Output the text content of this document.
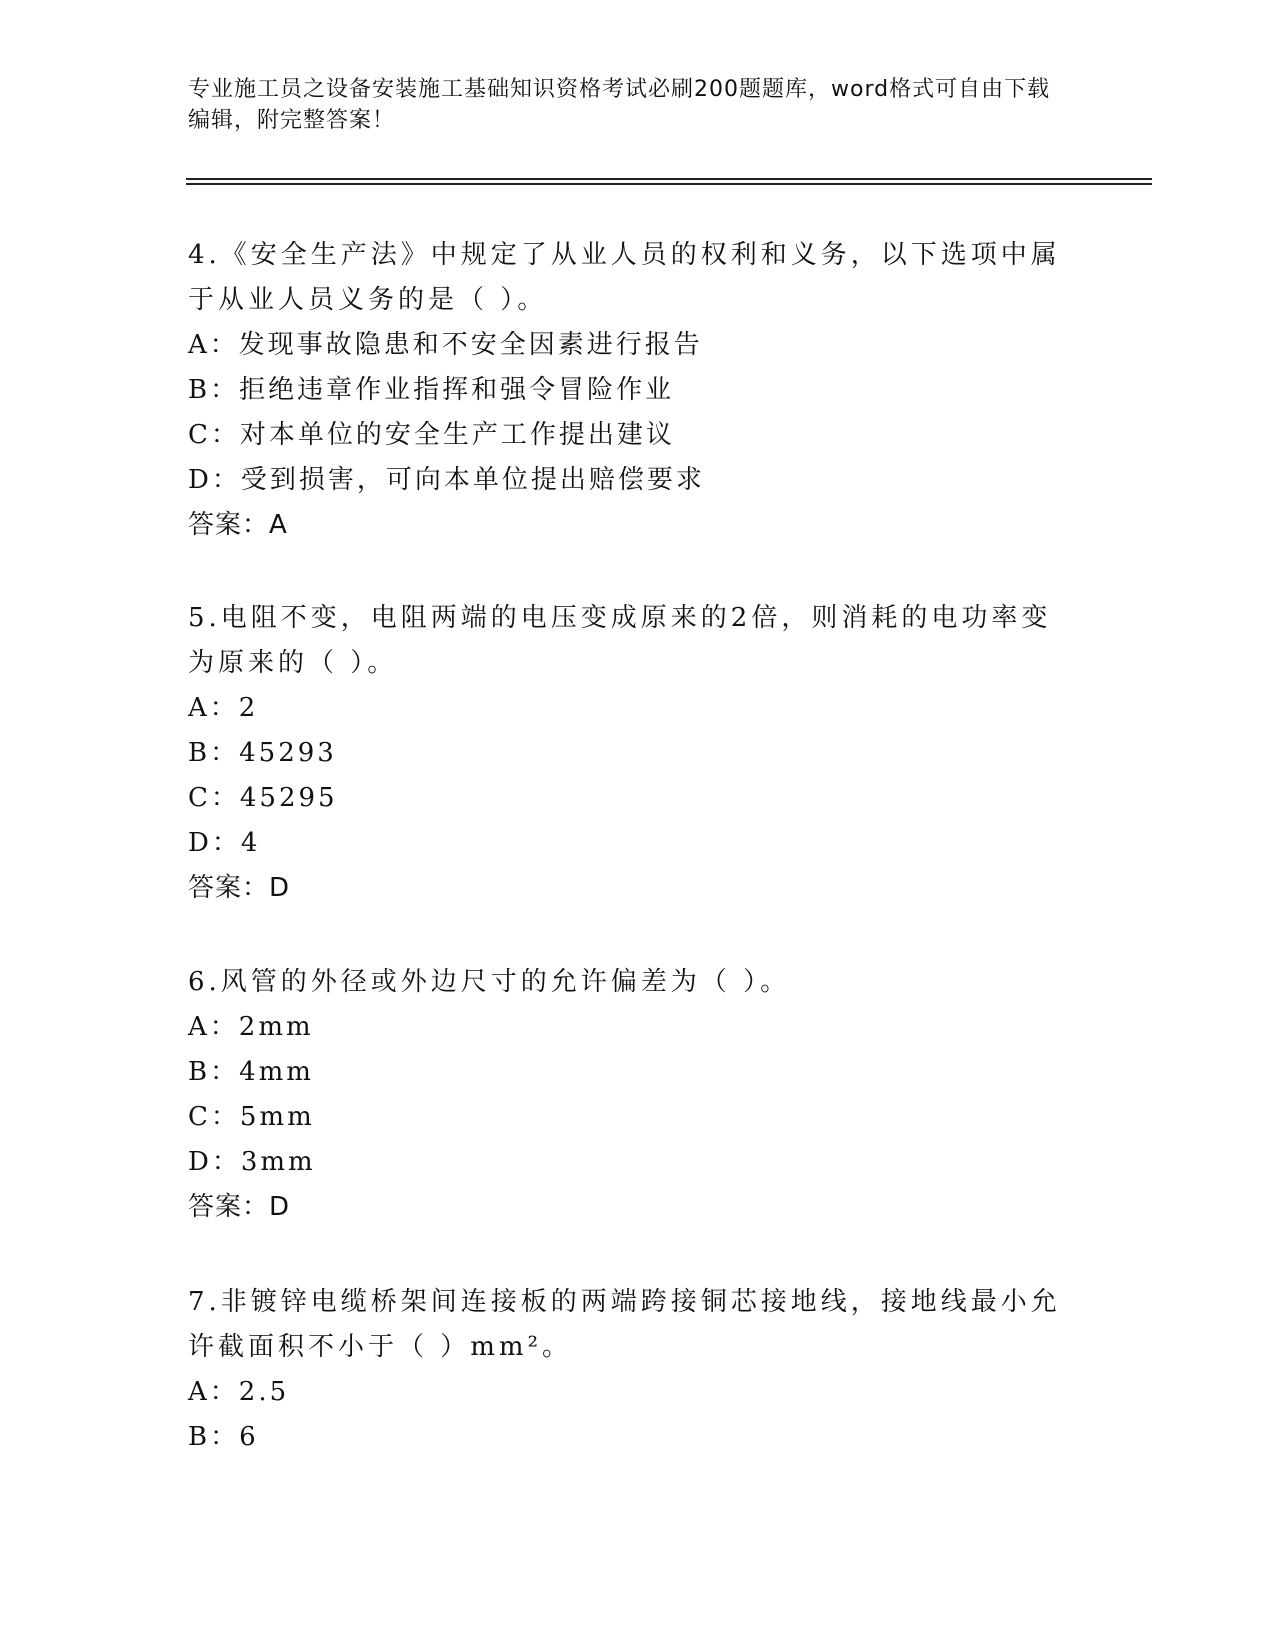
专业施工员之设备安装施工基础知识资格考试必刷200题题库，word格式可自由下载编辑，附完整答案！

4.《安全生产法》中规定了从业人员的权利和义务，以下选项中属于从业人员义务的是（ ）。

A：发现事故隐患和不安全因素进行报告
B：拒绝违章作业指挥和强令冒险作业
C：对本单位的安全生产工作提出建议
D：受到损害，可向本单位提出赔偿要求
答案：A

5.电阻不变，电阻两端的电压变成原来的2倍，则消耗的电功率变为原来的（ ）。

A：2
B：45293
C：45295
D：4
答案：D

6.风管的外径或外边尺寸的允许偏差为（ ）。

A：2mm
B：4mm
C：5mm
D：3mm
答案：D

7.非镀锌电缆桥架间连接板的两端跨接铜芯接地线，接地线最小允许截面积不小于（ ）mm²。

A：2.5
B：6
